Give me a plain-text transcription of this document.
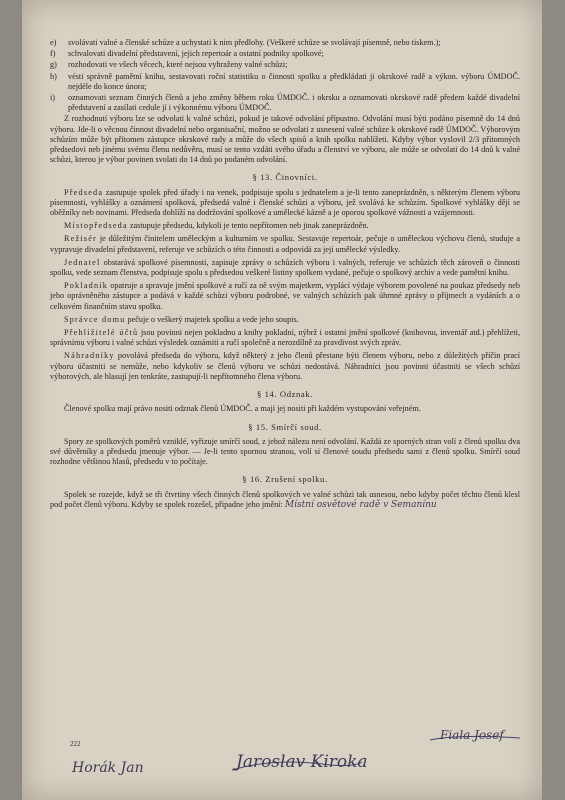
e)	svolávati valné a členské schůze a uchystati k nim předlohy. (Veškeré schůze se svolávají písemně, nebo tiskem.);
f)	schvalovati divadelní představení, jejich repertoár a ostatní podniky spolkové;
g)	rozhodovati ve všech věcech, které nejsou vyhraženy valné schůzi;
h)	vésti správně pamětní knihu, sestavovati roční statistiku o činnosti spolku a předkládati ji okrskové radě a výkon. výboru ÚMDOČ. nejdéle do konce února;
i)	oznamovati seznam činných členů a jeho změny během roku ÚMDOČ. i okrsku a oznamovati okrskové radě předem každé divadelní představení a zasílati cedule jí i výkonnému výboru ÚMDOČ.

Z rozhodnutí výboru lze se odvolati k valné schůzi, pokud je takové odvolání přípustno. Odvolání musí býti podáno písemně do 14 dnů výboru. Jde-li o věcnou činnost divadelní nebo organisační, možno se odvolati z usnesení valné schůze k okrskové radě ÚMDOČ. Výborovým schůzím může být přítomen zástupce okrskové rady a může do všech spisů a knih spolku nahlížeti. Kdyby výbor vyslovil 2/3 přítomných předsedovi neb jinému svému členu nedůvěru, musí se tento vzdáti svého úřadu a členství ve výboru, ale může se odvolati do 14 dnů k valné schůzi, kterou je výbor povinen svolati do 14 dnů po podaném odvolání.

§ 13. Činovníci.

Předseda zastupuje spolek před úřady i na venek, podpisuje spolu s jednatelem a je-li tento zaneprázdněn, s některým členem výboru písemnosti, vyhlášky a oznámení spolková, předsedá valné i členské schůzi a výboru, jež svolává ke schůzím. Spolkové vyhlášky dějí se oběžníky neb novinami. Předseda dohlíží na dodržování spolkové a umělecké kázně a je oporou spolkové vážnosti a vzájemnosti.

Místopředseda zastupuje předsedu, kdykoli je tento nepřítomen neb jinak zaneprázdněn.

Režisér je důležitým činitelem uměleckým a kulturním ve spolku. Sestavuje repertoár, pečuje o uměleckou výchovu členů, studuje a vypravuje divadelní představení, referuje ve schůzích o této činnosti a odpovídá za její umělecké výsledky.

Jednatel obstarává spolkové písemnosti, zapisuje zprávy o schůzích výboru i valných, referuje ve schůzích těch zároveň o činnosti spolku, vede seznam členstva, podpisuje spolu s předsedou veškeré listiny spolkem vydané, pečuje o spolkový archiv a vede pamětní knihu.

Pokladník opatruje a spravuje jmění spolkové a ručí za ně svým majetkem, vyplácí výdaje výborem povolené na poukaz předsedy neb jeho oprávněného zástupce a podává v každé schůzi výboru podrobné, ve valných schůzích pak úhrnné zprávy o příjmech a vydáních a o celkovém finančním stavu spolku.

Správce domu pečuje o veškerý majetek spolku a vede jeho soupis.

Přehlížitelé účtů jsou povinni nejen pokladnu a knihy pokladní, nýbrž i ostatní jmění spolkové (knihovnu, inventář atd.) přehlížeti, správnímu výboru i valné schůzi výsledek oznámiti a ručí společně a nerozdílně za pravdivost svých zpráv.

Náhradníky povolává předseda do výboru, když některý z jeho členů přestane býti členem výboru, nebo z důležitých příčin prací výboru účastniti se nemůže, nebo kdykoliv se členů výboru ve schůzi nedostává. Náhradníci jsou povinni účastniti se všech schůzí výborových, ale hlasují jen tenkráte, zastupují-li nepřítomného člena výboru.

§ 14. Odznak.

Členové spolku mají právo nositi odznak členů ÚMDOČ. a mají jej nositi při každém vystupování veřejném.

§ 15. Smírčí soud.

Spory ze spolkových poměrů vzniklé, vyřizuje smírčí soud, z jehož nálezu není odvolání. Každá ze sporných stran volí z členů spolku dva své důvěrníky a předsedu jmenuje výbor. — Je-li tento spornou stranou, volí si členové soudu předsedu sami z členů spolku. Smírčí soud rozhodne většinou hlasů, předsedu v to počítaje.

§ 16. Zrušení spolku.

Spolek se rozejde, když se tři čtvrtiny všech činných členů spolkových ve valné schůzi tak usnesou, nebo kdyby počet těchto členů klesl pod počet členů výboru. Kdyby se spolek rozešel, připadne jeho jmění: Místní osvětové radě v Semanínu

222
Horák Jan	Jaroslav Kiroka
Fiala Josef
